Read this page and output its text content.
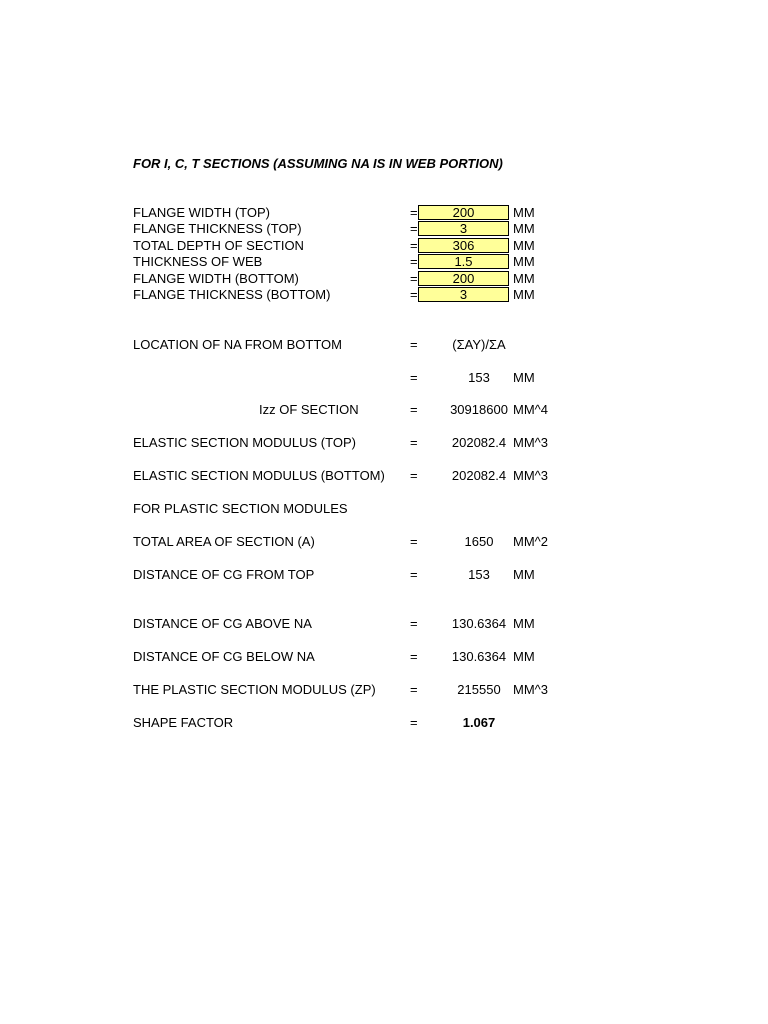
FOR I, C, T SECTIONS (ASSUMING NA IS IN WEB PORTION)
FLANGE WIDTH (TOP)	=	200	MM
FLANGE THICKNESS (TOP)	=	3	MM
TOTAL DEPTH OF SECTION	=	306	MM
THICKNESS OF WEB	=	1.5	MM
FLANGE WIDTH (BOTTOM)	=	200	MM
FLANGE THICKNESS (BOTTOM)	=	3	MM
LOCATION OF NA FROM BOTTOM	=	(ΣAY)/ΣA
=	153	MM
Izz OF SECTION	=	30918600 MM^4
ELASTIC SECTION MODULUS (TOP)	=	202082.4 MM^3
ELASTIC SECTION MODULUS (BOTTOM) =	202082.4 MM^3
FOR PLASTIC SECTION MODULES
TOTAL AREA OF SECTION (A)	=	1650	MM^2
DISTANCE OF CG FROM TOP	=	153	MM
DISTANCE OF CG ABOVE NA	=	130.6364 MM
DISTANCE OF CG BELOW NA	=	130.6364 MM
THE PLASTIC SECTION MODULUS (ZP)	=	215550 MM^3
SHAPE FACTOR	=	1.067
